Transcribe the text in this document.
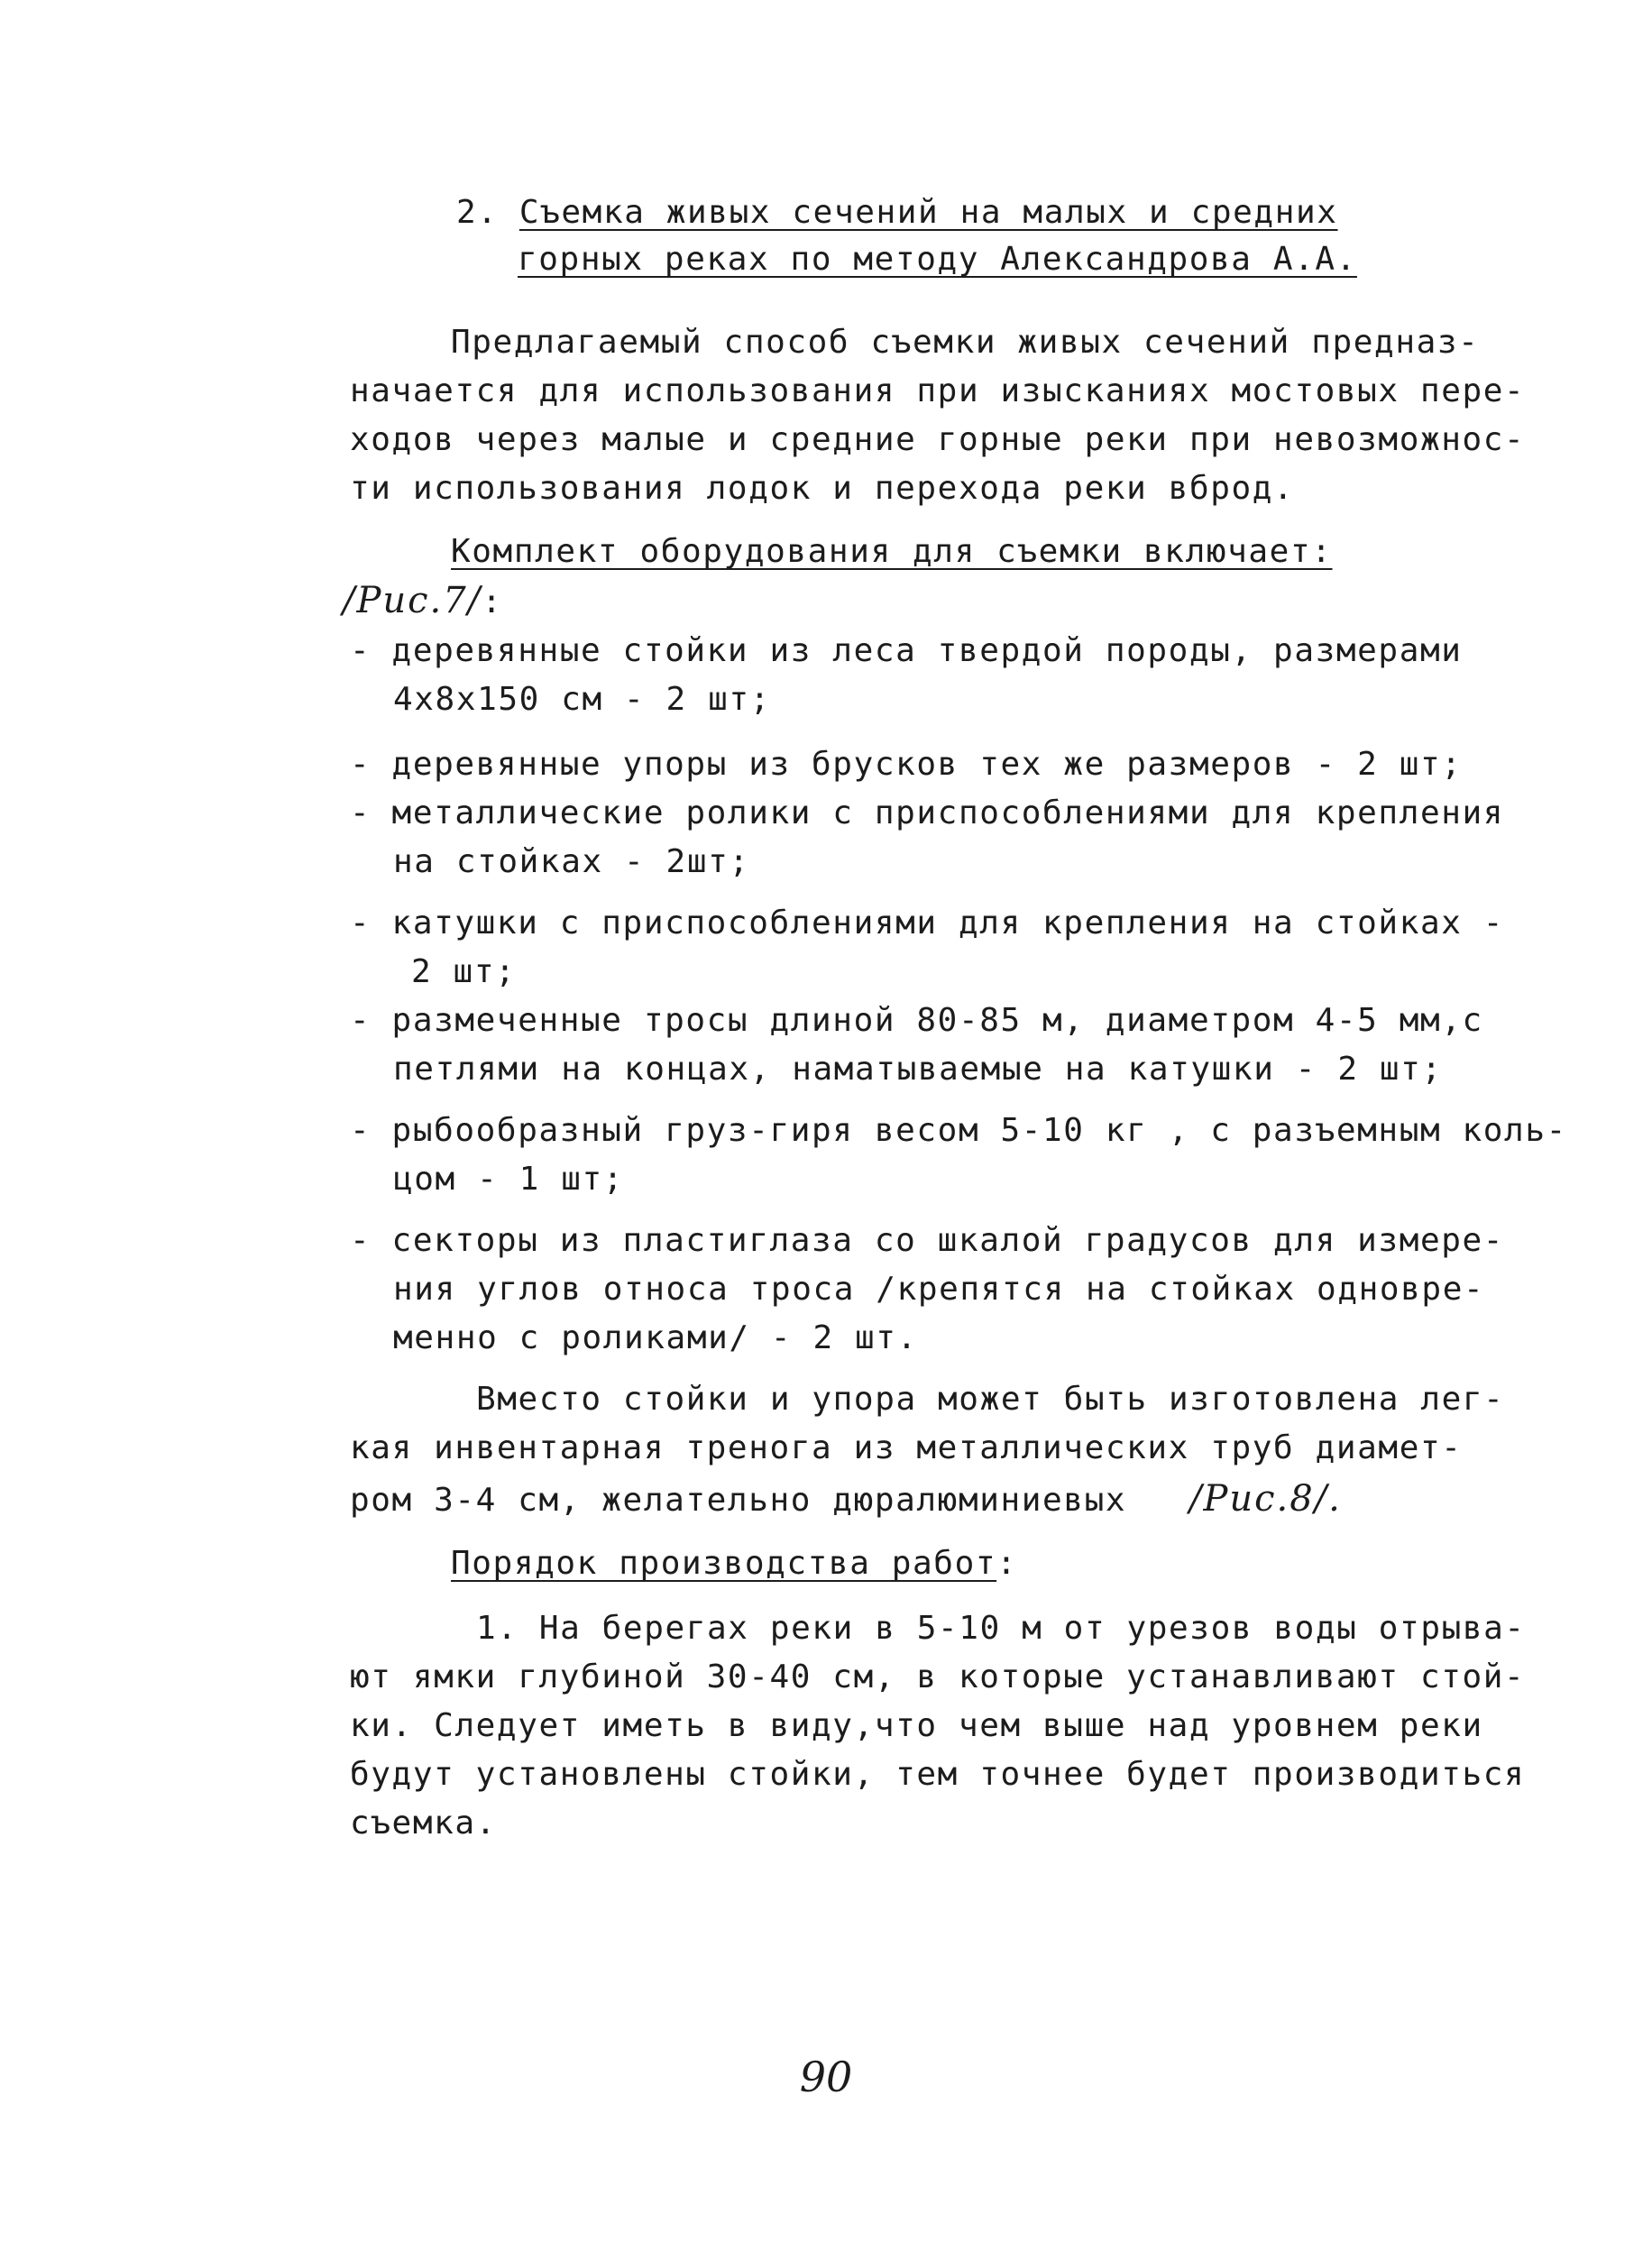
2. Съемка живых сечений на малых и средних
горных реках по методу Александрова А.А.
Предлагаемый способ съемки живых сечений предназ-
начается для использования при изысканиях мостовых пере-
ходов через малые и средние горные реки при невозможнос-
ти использования лодок и перехода реки вброд.
Комплект оборудования для съемки включает:
/Рис.7/:
- деревянные стойки из леса твердой породы, размерами
4х8х150 см - 2 шт;
- деревянные упоры из брусков тех же размеров - 2 шт;
- металлические ролики с приспособлениями для крепления
на стойках - 2шт;
- катушки с приспособлениями для крепления на стойках -
2 шт;
- размеченные тросы длиной 80-85 м, диаметром 4-5 мм,с
петлями на концах, наматываемые на катушки - 2 шт;
- рыбообразный груз-гиря весом 5-10 кг , с разъемным коль-
цом - 1 шт;
- секторы из пластиглаза со шкалой градусов для измере-
ния углов относа троса /крепятся на стойках одновре-
менно с роликами/ - 2 шт.
Вместо стойки и упора может быть изготовлена лег-
кая инвентарная тренога из металлических труб диамет-
ром 3-4 см, желательно дюралюминиевых /Рис.8/.
Порядок производства работ:
1. На берегах реки в 5-10 м от урезов воды отрыва-
ют ямки глубиной 30-40 см, в которые устанавливают стой-
ки. Следует иметь в виду,что чем выше над уровнем реки
будут установлены стойки, тем точнее будет производиться
съемка.
90
